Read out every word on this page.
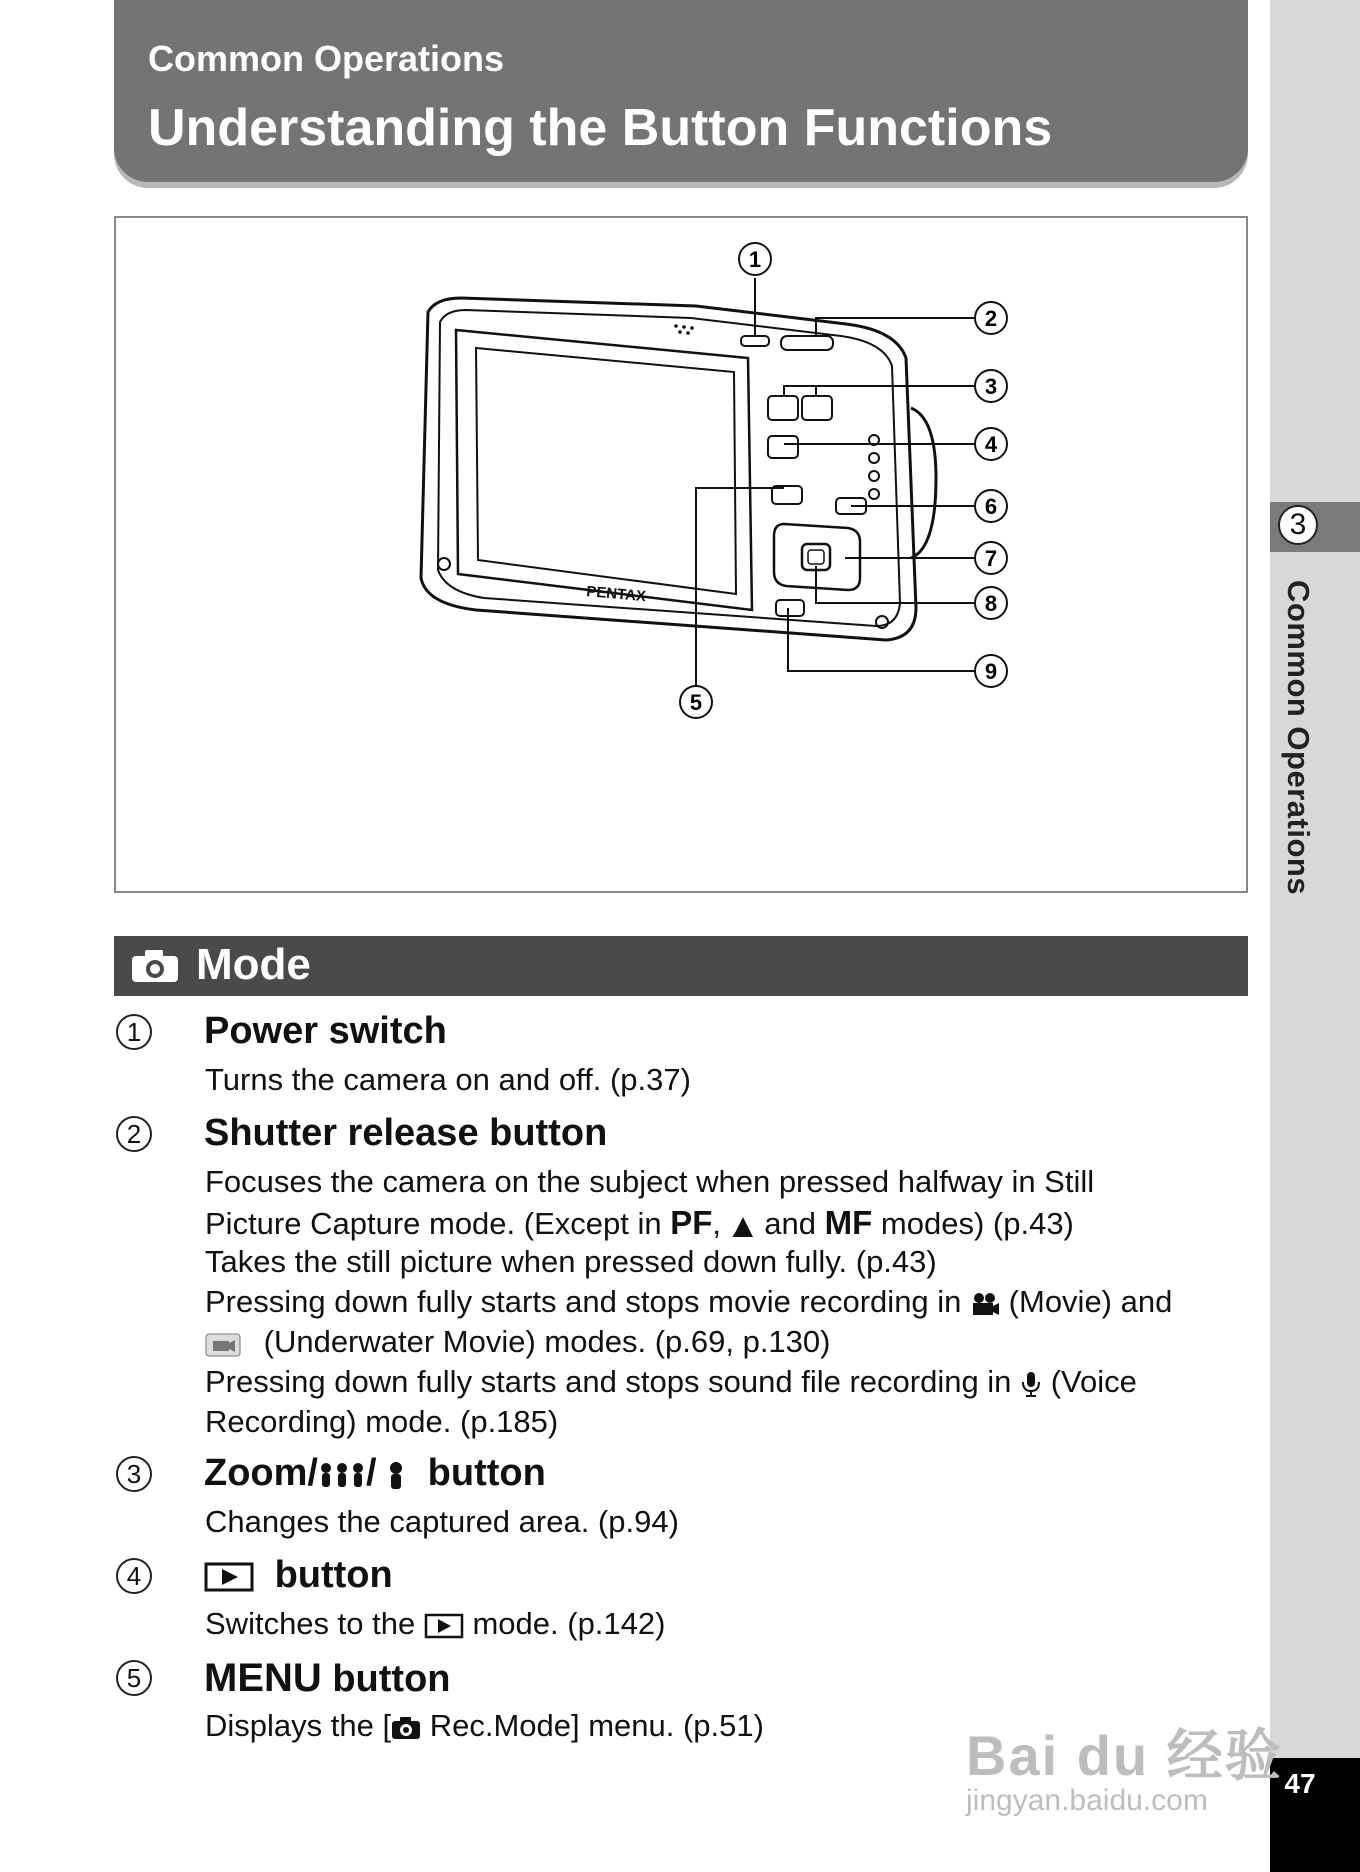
3
Common Operations
47
Common Operations
Understanding the Button Functions
PENTAX
1
2
3
4
5
6
7
8
9
Mode
1 Power switch
Turns the camera on and off. (p.37)
2 Shutter release button
Focuses the camera on the subject when pressed halfway in Still
Picture Capture mode. (Except in PF, and MF modes) (p.43)
Takes the still picture when pressed down fully. (p.43)
Pressing down fully starts and stops movie recording in (Movie) and
(Underwater Movie) modes. (p.69, p.130)
Pressing down fully starts and stops sound file recording in (Voice
Recording) mode. (p.185)
3 Zoom/ / button
Changes the captured area. (p.94)
4	button
Switches to the mode. (p.142)
5 MENU button
Displays the [ Rec.Mode] menu. (p.51)	Bai du 经验
jingyan.baidu.com
